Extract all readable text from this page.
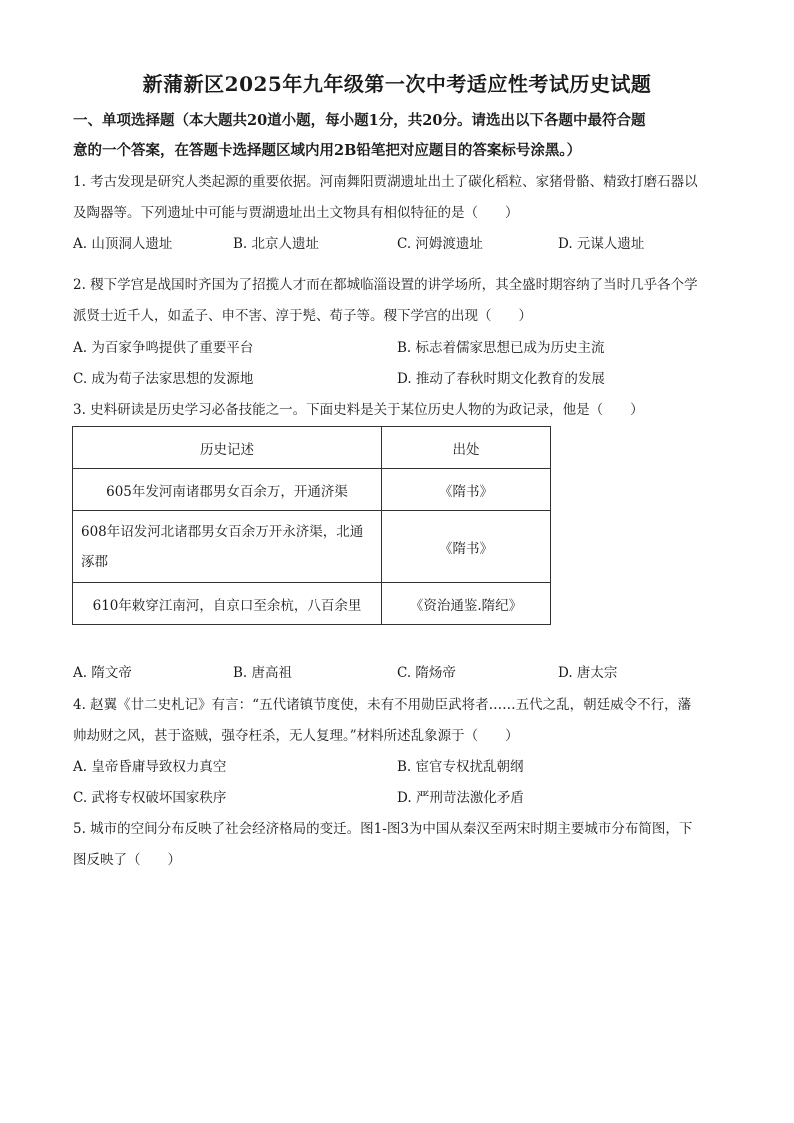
新蒲新区2025年九年级第一次中考适应性考试历史试题
一、单项选择题（本大题共20道小题，每小题1分，共20分。请选出以下各题中最符合题
意的一个答案，在答题卡选择题区域内用2B铅笔把对应题目的答案标号涂黑。）
1. 考古发现是研究人类起源的重要依据。河南舞阳贾湖遗址出土了碳化稻粒、家猪骨骼、精致打磨石器以
及陶器等。下列遗址中可能与贾湖遗址出土文物具有相似特征的是（　　）
A. 山顶洞人遗址	B. 北京人遗址	C. 河姆渡遗址	D. 元谋人遗址
2. 稷下学宫是战国时齐国为了招揽人才而在都城临淄设置的讲学场所，其全盛时期容纳了当时几乎各个学
派贤士近千人，如孟子、申不害、淳于髡、荀子等。稷下学宫的出现（　　）
A. 为百家争鸣提供了重要平台	B. 标志着儒家思想已成为历史主流
C. 成为荀子法家思想的发源地	D. 推动了春秋时期文化教育的发展
3. 史料研读是历史学习必备技能之一。下面史料是关于某位历史人物的为政记录，他是（　　）
历史记述	出处
605年发河南诸郡男女百余万，开通济渠	《隋书》

608年诏发河北诸郡男女百余万开永济渠，北通
涿郡	《隋书》
610年敕穿江南河，自京口至余杭，八百余里	《资治通鉴.隋纪》
A. 隋文帝	B. 唐高祖	C. 隋炀帝	D. 唐太宗
4. 赵翼《廿二史札记》有言：“五代诸镇节度使，未有不用勋臣武将者……五代之乱，朝廷威令不行，藩
帅劫财之风，甚于盗贼，强夺枉杀，无人复理。”材料所述乱象源于（　　）
A. 皇帝昏庸导致权力真空	B. 宦官专权扰乱朝纲
C. 武将专权破坏国家秩序	D. 严刑苛法激化矛盾
5. 城市的空间分布反映了社会经济格局的变迁。图1-图3为中国从秦汉至两宋时期主要城市分布简图，下
图反映了（　　）
